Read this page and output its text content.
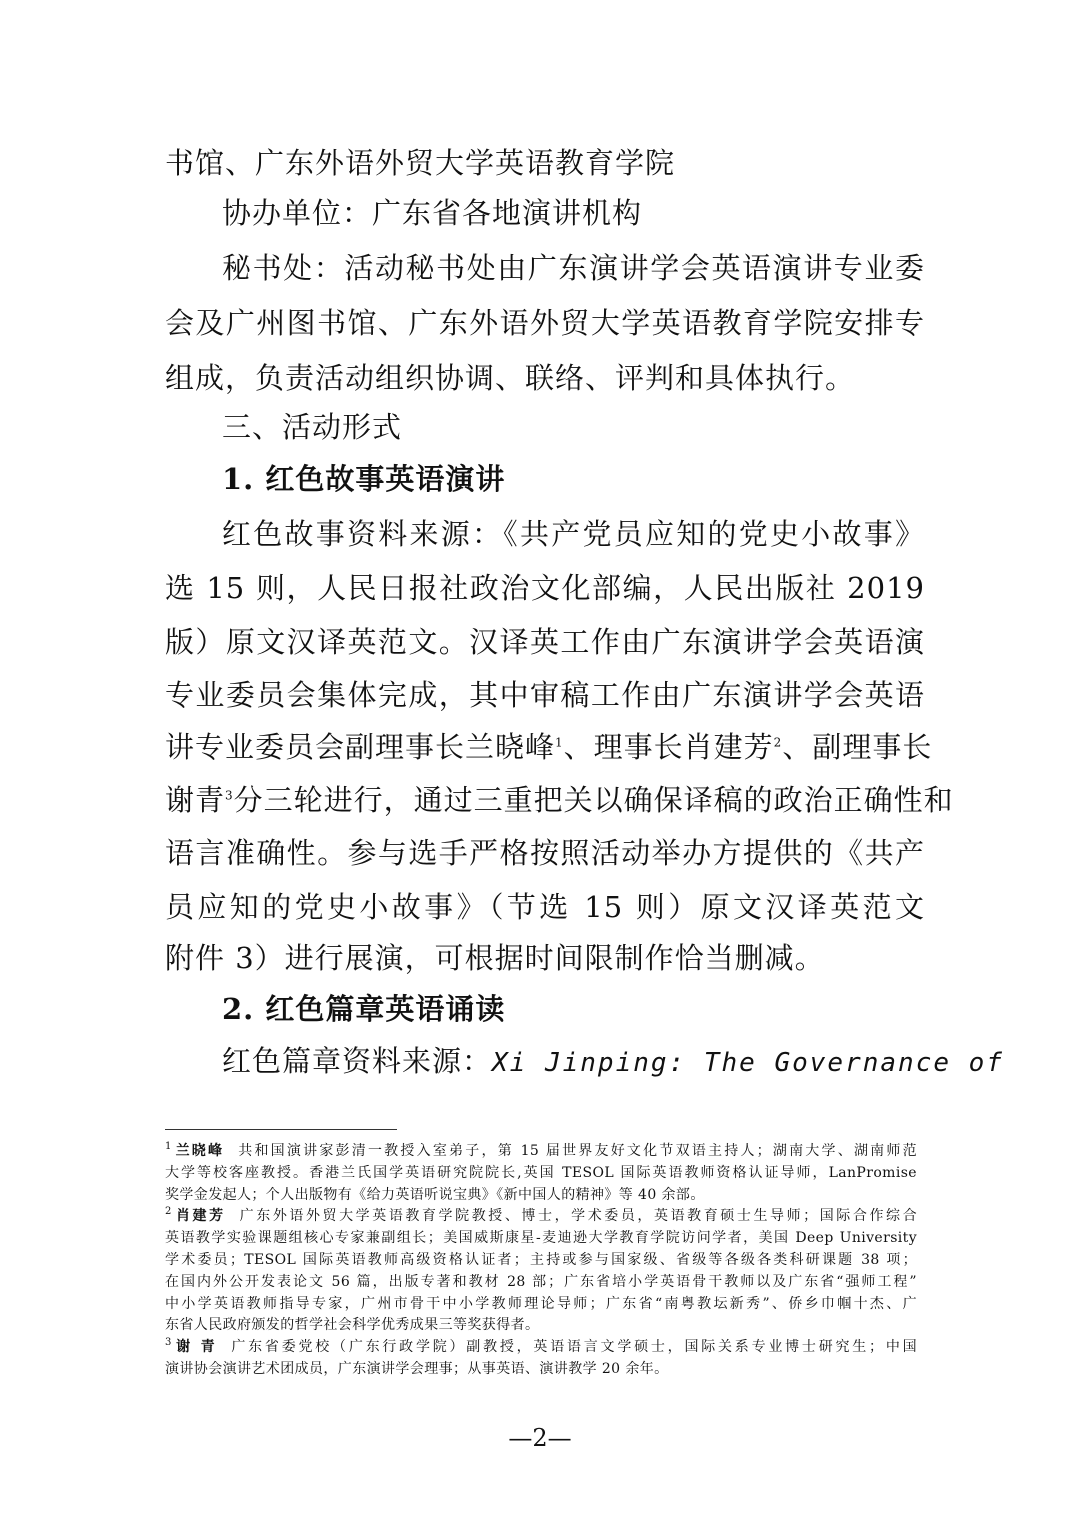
书馆、广东外语外贸大学英语教育学院
协办单位：广东省各地演讲机构
秘书处：活动秘书处由广东演讲学会英语演讲专业委
会及广州图书馆、广东外语外贸大学英语教育学院安排专
组成，负责活动组织协调、联络、评判和具体执行。
三、活动形式
1. 红色故事英语演讲
红色故事资料来源：《共产党员应知的党史小故事》
选 15 则，人民日报社政治文化部编，人民出版社 2019
版）原文汉译英范文。汉译英工作由广东演讲学会英语演
专业委员会集体完成，其中审稿工作由广东演讲学会英语
讲专业委员会副理事长兰晓峰$^1$、理事长肖建芳$^2$、副理事长
谢青$^3$分三轮进行，通过三重把关以确保译稿的政治正确性和
语言准确性。参与选手严格按照活动举办方提供的《共产
员应知的党史小故事》（节选 15 则）原文汉译英范文
附件 3）进行展演，可根据时间限制作恰当删减。
2. 红色篇章英语诵读
红色篇章资料来源：Xi Jinping: The Governance of
$^1$ 兰晓峰 共和国演讲家彭清一教授入室弟子，第 15 届世界友好文化节双语主持人；湖南大学、湖南师范
大学等校客座教授。香港兰氏国学英语研究院院长,英国 TESOL 国际英语教师资格认证导师，LanPromise
奖学金发起人；个人出版物有《给力英语听说宝典》《新中国人的精神》等 40 余部。
$^2$ 肖建芳 广东外语外贸大学英语教育学院教授、博士，学术委员，英语教育硕士生导师；国际合作综合
英语教学实验课题组核心专家兼副组长；美国威斯康星-麦迪逊大学教育学院访问学者，美国 Deep University
学术委员；TESOL 国际英语教师高级资格认证者；主持或参与国家级、省级等各级各类科研课题 38 项；
在国内外公开发表论文 56 篇，出版专著和教材 28 部；广东省培小学英语骨干教师以及广东省“强师工程”
中小学英语教师指导专家，广州市骨干中小学教师理论导师；广东省“南粤教坛新秀”、侨乡巾帼十杰、广
东省人民政府颁发的哲学社会科学优秀成果三等奖获得者。
$^3$ 谢 青 广东省委党校（广东行政学院）副教授，英语语言文学硕士，国际关系专业博士研究生；中国
演讲协会演讲艺术团成员，广东演讲学会理事；从事英语、演讲教学 20 余年。
—2—
